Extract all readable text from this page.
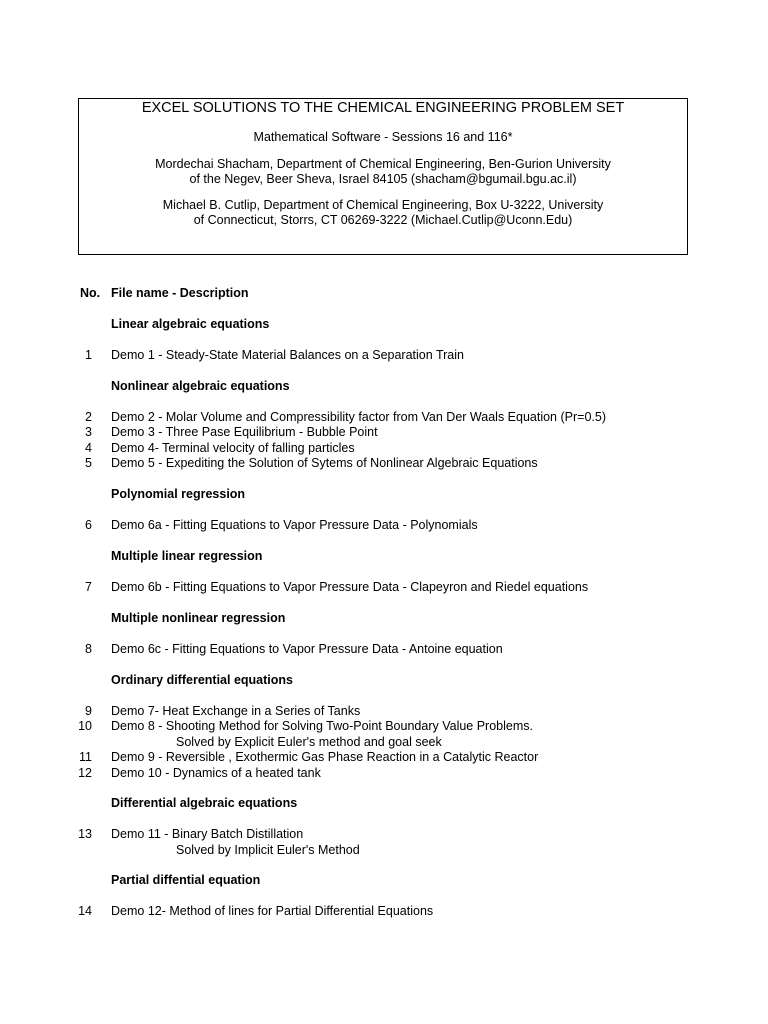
EXCEL SOLUTIONS TO THE CHEMICAL ENGINEERING PROBLEM SET
Mathematical Software - Sessions 16 and 116*
Mordechai Shacham, Department of Chemical Engineering, Ben-Gurion University
of the Negev, Beer Sheva, Israel 84105 (shacham@bgumail.bgu.ac.il)
Michael B. Cutlip, Department of Chemical Engineering, Box U-3222, University
of Connecticut, Storrs, CT 06269-3222 (Michael.Cutlip@Uconn.Edu)
No. File name - Description
Linear algebraic equations
1 Demo 1 - Steady-State Material Balances on a Separation Train
Nonlinear algebraic equations
2 Demo 2 - Molar Volume and Compressibility factor from Van Der Waals Equation (Pr=0.5)
3 Demo 3 - Three Pase Equilibrium - Bubble Point
4 Demo 4- Terminal velocity of falling particles
5 Demo 5 - Expediting the Solution of Sytems of Nonlinear Algebraic Equations
Polynomial regression
6 Demo 6a - Fitting Equations to Vapor Pressure Data - Polynomials
Multiple linear regression
7 Demo 6b - Fitting Equations to Vapor Pressure Data - Clapeyron and Riedel equations
Multiple nonlinear regression
8 Demo 6c - Fitting Equations to Vapor Pressure Data - Antoine equation
Ordinary differential equations
9 Demo 7- Heat Exchange in a Series of Tanks
10 Demo 8 - Shooting Method for Solving Two-Point Boundary Value Problems.
Solved by Explicit Euler's method and goal seek
11 Demo 9 - Reversible , Exothermic Gas Phase Reaction in a Catalytic Reactor
12 Demo 10 - Dynamics of a heated tank
Differential algebraic equations
13 Demo 11 - Binary Batch Distillation
Solved by Implicit Euler's Method
Partial diffential equation
14 Demo 12- Method of lines for Partial Differential Equations
